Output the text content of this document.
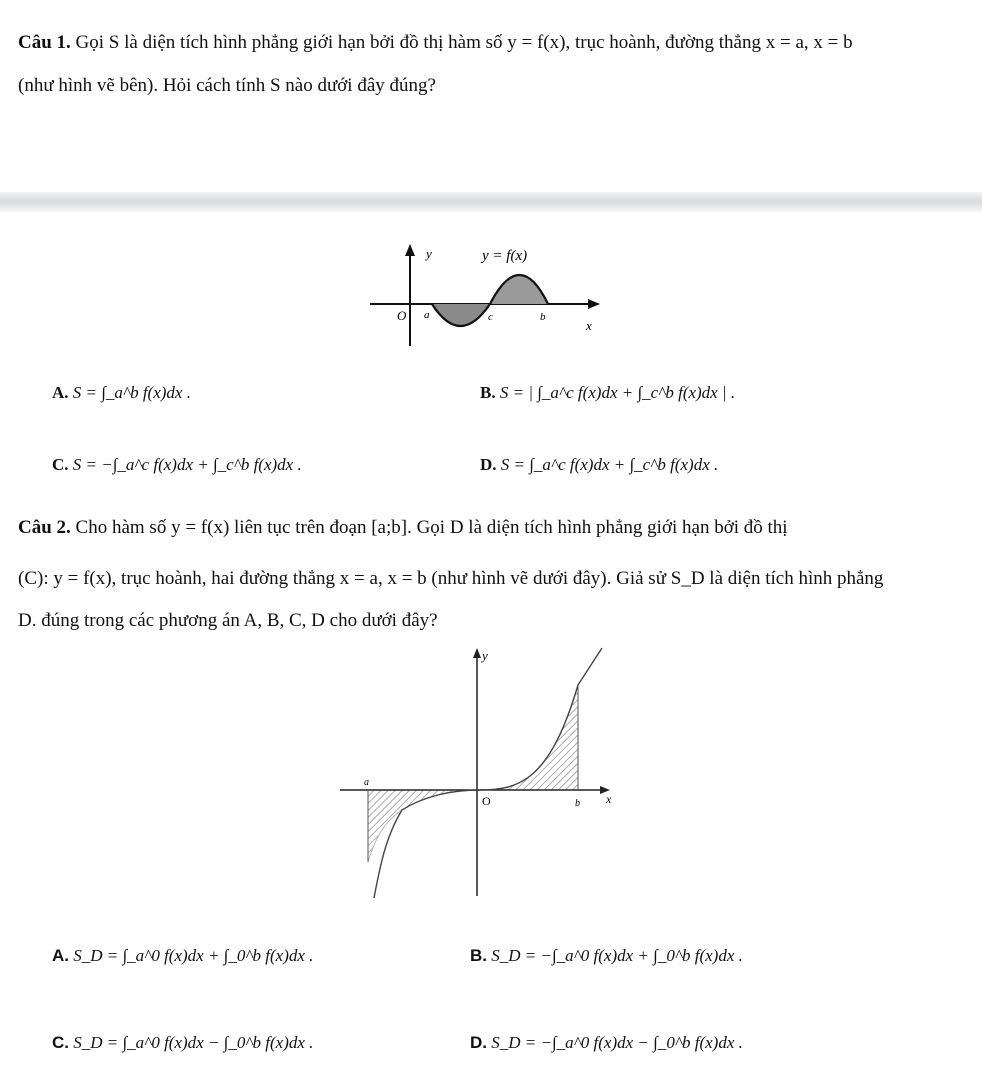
Câu 1. Gọi S là diện tích hình phẳng giới hạn bởi đồ thị hàm số y = f(x), trục hoành, đường thẳng x = a, x = b
(như hình vẽ bên). Hỏi cách tính S nào dưới đây đúng?
y	y = f(x)
O a	c	b
x
A. S = ∫_a^b f(x)dx .	B. S = | ∫_a^c f(x)dx + ∫_c^b f(x)dx | .
C. S = −∫_a^c f(x)dx + ∫_c^b f(x)dx .	D. S = ∫_a^c f(x)dx + ∫_c^b f(x)dx .
Câu 2. Cho hàm số y = f(x) liên tục trên đoạn [a;b]. Gọi D là diện tích hình phẳng giới hạn bởi đồ thị
(C): y = f(x), trục hoành, hai đường thẳng x = a, x = b (như hình vẽ dưới đây). Giả sử S_D là diện tích hình phẳng
D. đúng trong các phương án A, B, C, D cho dưới đây?
y
a
O	b x
A. S_D = ∫_a^0 f(x)dx + ∫_0^b f(x)dx .	B. S_D = −∫_a^0 f(x)dx + ∫_0^b f(x)dx .
C. S_D = ∫_a^0 f(x)dx − ∫_0^b f(x)dx .	D. S_D = −∫_a^0 f(x)dx − ∫_0^b f(x)dx .
